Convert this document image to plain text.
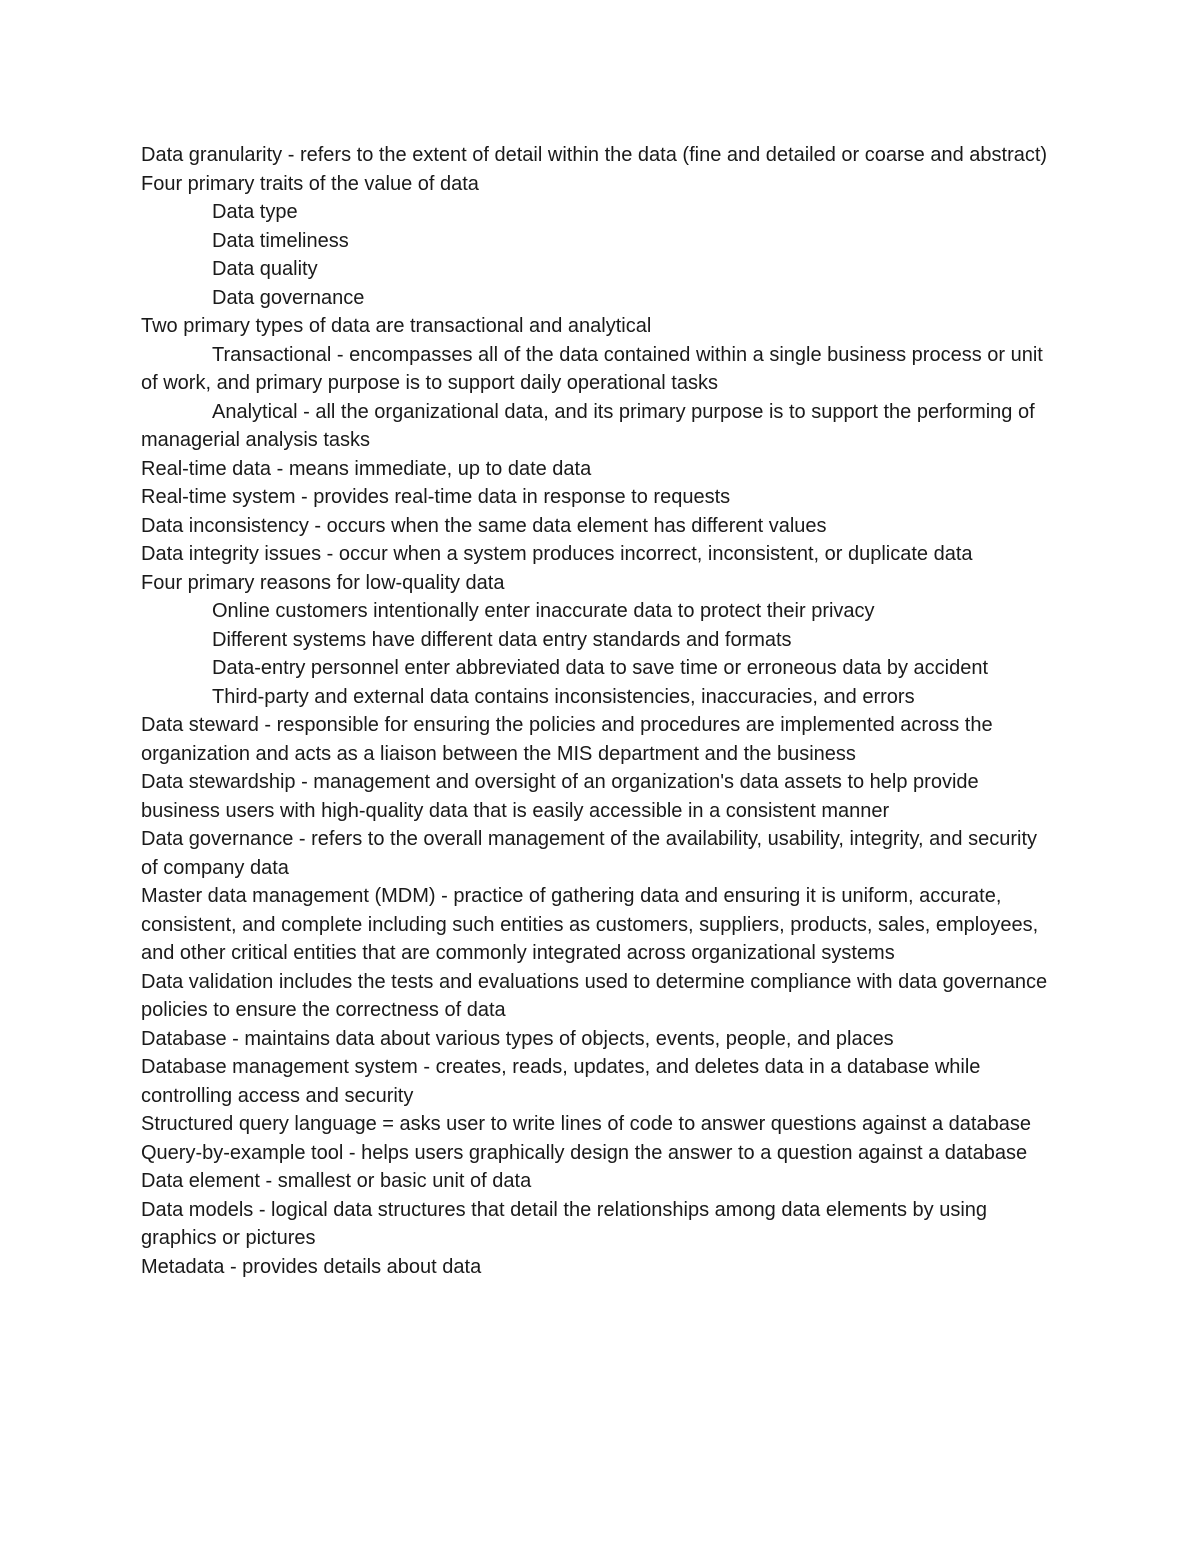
Data granularity - refers to the extent of detail within the data (fine and detailed or coarse and abstract)

Four primary traits of the value of data

Data type

Data timeliness

Data quality

Data governance

Two primary types of data are transactional and analytical

Transactional - encompasses all of the data contained within a single business process or unit of work, and primary purpose is to support daily operational tasks

Analytical - all the organizational data, and its primary purpose is to support the performing of managerial analysis tasks

Real-time data - means immediate, up to date data

Real-time system - provides real-time data in response to requests

Data inconsistency - occurs when the same data element has different values

Data integrity issues - occur when a system produces incorrect, inconsistent, or duplicate data

Four primary reasons for low-quality data

Online customers intentionally enter inaccurate data to protect their privacy

Different systems have different data entry standards and formats

Data-entry personnel enter abbreviated data to save time or erroneous data by accident

Third-party and external data contains inconsistencies, inaccuracies, and errors

Data steward - responsible for ensuring the policies and procedures are implemented across the organization and acts as a liaison between the MIS department and the business

Data stewardship - management and oversight of an organization's data assets to help provide business users with high-quality data that is easily accessible in a consistent manner

Data governance - refers to the overall management of the availability, usability, integrity, and security of company data

Master data management (MDM) - practice of gathering data and ensuring it is uniform, accurate, consistent, and complete including such entities as customers, suppliers, products, sales, employees, and other critical entities that are commonly integrated across organizational systems

Data validation includes the tests and evaluations used to determine compliance with data governance policies to ensure the correctness of data

Database - maintains data about various types of objects, events, people, and places

Database management system - creates, reads, updates, and deletes data in a database while controlling access and security

Structured query language = asks user to write lines of code to answer questions against a database

Query-by-example tool - helps users graphically design the answer to a question against a database

Data element - smallest or basic unit of data

Data models - logical data structures that detail the relationships among data elements by using graphics or pictures

Metadata - provides details about data
